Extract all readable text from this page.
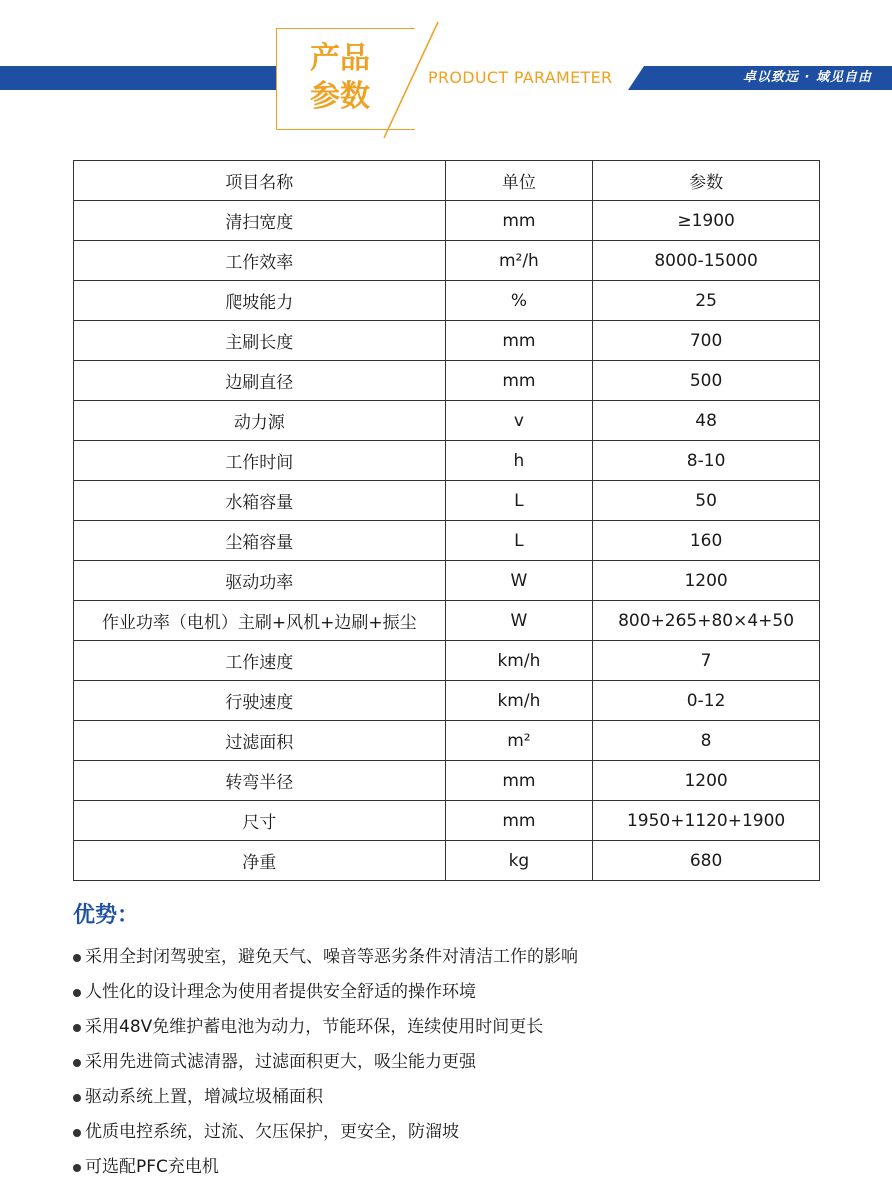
卓以致远 · 域见自由
产品
参数
PRODUCT PARAMETER
项目名称	单位	参数
清扫宽度	mm	≥1900
工作效率	m²/h	8000-15000
爬坡能力	%	25
主刷长度	mm	700
边刷直径	mm	500
动力源	v	48
工作时间	h	8-10
水箱容量	L	50
尘箱容量	L	160
驱动功率	W	1200
作业功率（电机）主刷+风机+边刷+振尘	W	800+265+80×4+50
工作速度	km/h	7
行驶速度	km/h	0-12
过滤面积	m²	8
转弯半径	mm	1200
尺寸	mm	1950+1120+1900
净重	kg	680
优势：
采用全封闭驾驶室，避免天气、噪音等恶劣条件对清洁工作的影响
人性化的设计理念为使用者提供安全舒适的操作环境
采用48V免维护蓄电池为动力，节能环保，连续使用时间更长
采用先进筒式滤清器，过滤面积更大，吸尘能力更强
驱动系统上置，增减垃圾桶面积
优质电控系统，过流、欠压保护，更安全，防溜坡
可选配PFC充电机
